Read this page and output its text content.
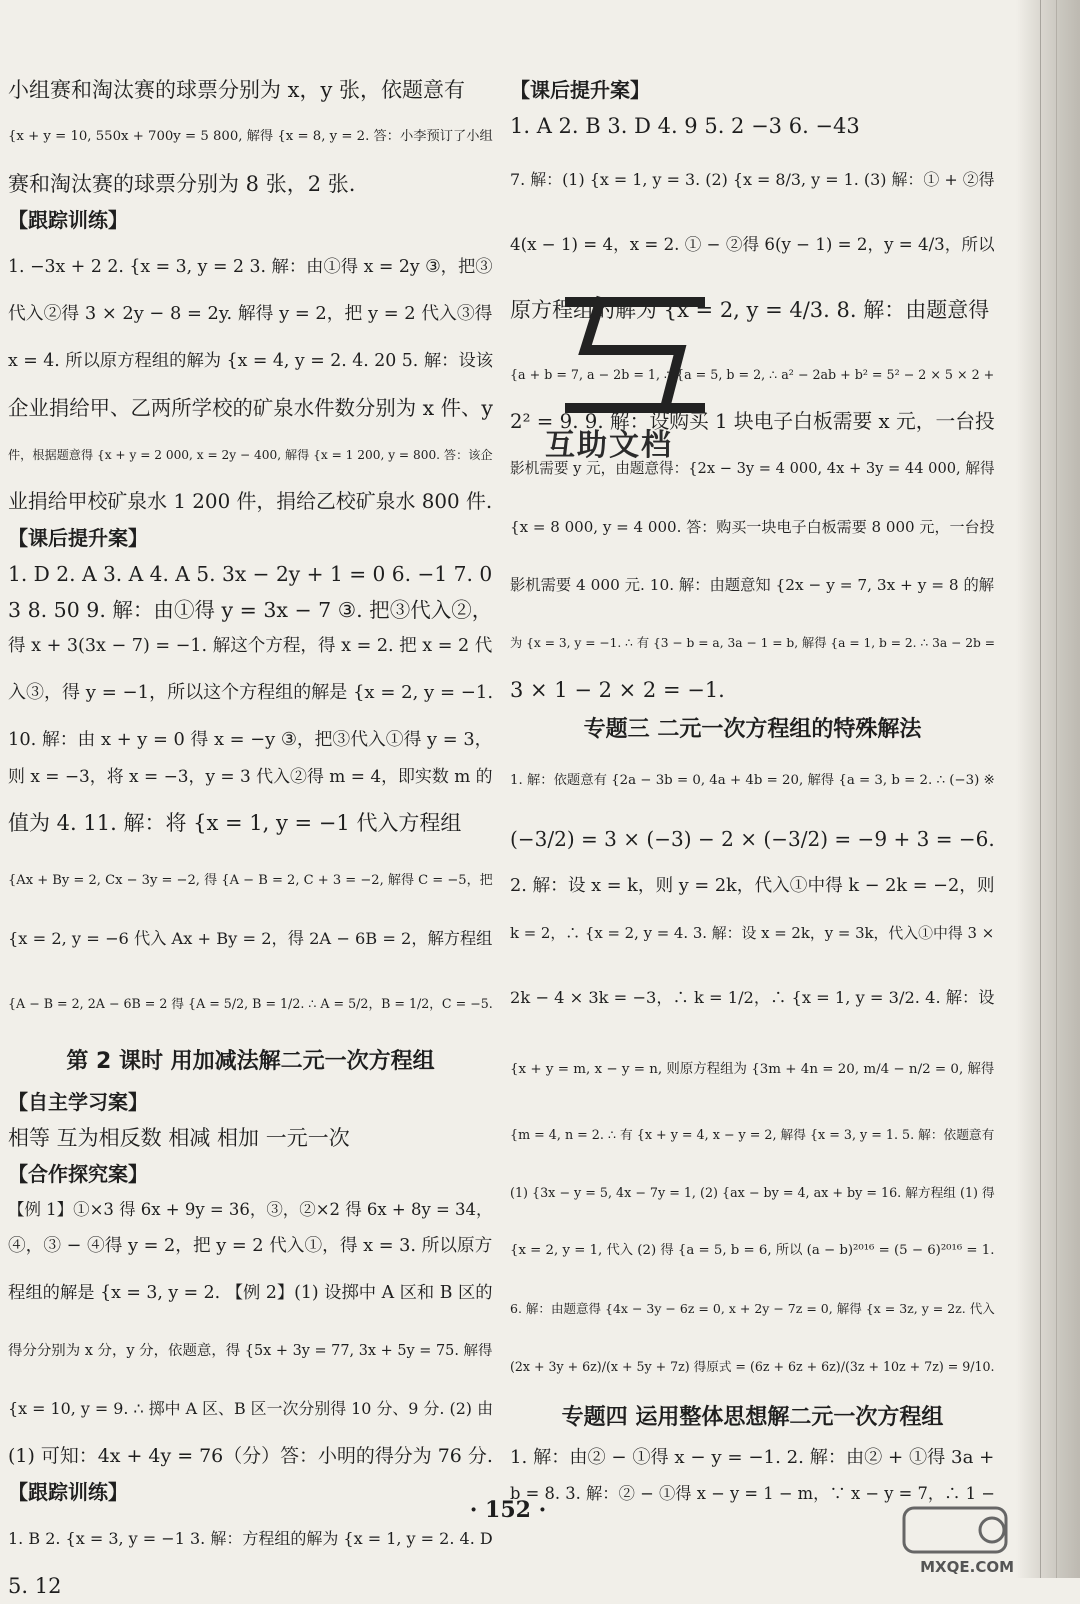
小组赛和淘汰赛的球票分别为 x，y 张，依题意有

{x + y = 10, 550x + 700y = 5 800, 解得 {x = 8, y = 2. 答：小李预订了小组

赛和淘汰赛的球票分别为 8 张，2 张.

【跟踪训练】

1. −3x + 2 2. {x = 3, y = 2 3. 解：由①得 x = 2y ③，把③

代入②得 3 × 2y − 8 = 2y. 解得 y = 2，把 y = 2 代入③得

x = 4. 所以原方程组的解为 {x = 4, y = 2. 4. 20 5. 解：设该

企业捐给甲、乙两所学校的矿泉水件数分别为 x 件、y

件，根据题意得 {x + y = 2 000, x = 2y − 400, 解得 {x = 1 200, y = 800. 答：该企

业捐给甲校矿泉水 1 200 件，捐给乙校矿泉水 800 件.

【课后提升案】

1. D 2. A 3. A 4. A 5. 3x − 2y + 1 = 0 6. −1 7. 0

3 8. 50 9. 解：由①得 y = 3x − 7 ③. 把③代入②，

得 x + 3(3x − 7) = −1. 解这个方程，得 x = 2. 把 x = 2 代

入③，得 y = −1，所以这个方程组的解是 {x = 2, y = −1.

10. 解：由 x + y = 0 得 x = −y ③，把③代入①得 y = 3，

则 x = −3，将 x = −3，y = 3 代入②得 m = 4，即实数 m 的

值为 4. 11. 解：将 {x = 1, y = −1 代入方程组

{Ax + By = 2, Cx − 3y = −2, 得 {A − B = 2, C + 3 = −2, 解得 C = −5，把

{x = 2, y = −6 代入 Ax + By = 2，得 2A − 6B = 2，解方程组

{A − B = 2, 2A − 6B = 2 得 {A = 5/2, B = 1/2. ∴ A = 5/2，B = 1/2，C = −5.

第 2 课时 用加减法解二元一次方程组

【自主学习案】

相等 互为相反数 相减 相加 一元一次

【合作探究案】

【例 1】①×3 得 6x + 9y = 36，③，②×2 得 6x + 8y = 34，

④，③ − ④得 y = 2，把 y = 2 代入①，得 x = 3. 所以原方

程组的解是 {x = 3, y = 2. 【例 2】(1) 设掷中 A 区和 B 区的

得分分别为 x 分，y 分，依题意，得 {5x + 3y = 77, 3x + 5y = 75. 解得

{x = 10, y = 9. ∴ 掷中 A 区、B 区一次分别得 10 分、9 分. (2) 由

(1) 可知：4x + 4y = 76（分）答：小明的得分为 76 分.

【跟踪训练】

1. B 2. {x = 3, y = −1 3. 解：方程组的解为 {x = 1, y = 2. 4. D

5. 12

【课后提升案】

1. A 2. B 3. D 4. 9 5. 2 −3 6. −43

7. 解：(1) {x = 1, y = 3. (2) {x = 8/3, y = 1. (3) 解：① + ②得

4(x − 1) = 4，x = 2. ① − ②得 6(y − 1) = 2，y = 4/3，所以

原方程组的解为 {x = 2, y = 4/3. 8. 解：由题意得

{a + b = 7, a − 2b = 1, ∴ {a = 5, b = 2, ∴ a² − 2ab + b² = 5² − 2 × 5 × 2 +

2² = 9. 9. 解：设购买 1 块电子白板需要 x 元，一台投

影机需要 y 元，由题意得：{2x − 3y = 4 000, 4x + 3y = 44 000, 解得

{x = 8 000, y = 4 000. 答：购买一块电子白板需要 8 000 元，一台投

影机需要 4 000 元. 10. 解：由题意知 {2x − y = 7, 3x + y = 8 的解

为 {x = 3, y = −1. ∴ 有 {3 − b = a, 3a − 1 = b, 解得 {a = 1, b = 2. ∴ 3a − 2b =

3 × 1 − 2 × 2 = −1.

专题三 二元一次方程组的特殊解法

1. 解：依题意有 {2a − 3b = 0, 4a + 4b = 20, 解得 {a = 3, b = 2. ∴ (−3) ※

(−3/2) = 3 × (−3) − 2 × (−3/2) = −9 + 3 = −6.

2. 解：设 x = k，则 y = 2k，代入①中得 k − 2k = −2，则

k = 2，∴ {x = 2, y = 4. 3. 解：设 x = 2k，y = 3k，代入①中得 3 ×

2k − 4 × 3k = −3，∴ k = 1/2，∴ {x = 1, y = 3/2. 4. 解：设

{x + y = m, x − y = n, 则原方程组为 {3m + 4n = 20, m/4 − n/2 = 0, 解得

{m = 4, n = 2. ∴ 有 {x + y = 4, x − y = 2, 解得 {x = 3, y = 1. 5. 解：依题意有

(1) {3x − y = 5, 4x − 7y = 1, (2) {ax − by = 4, ax + by = 16. 解方程组 (1) 得

{x = 2, y = 1, 代入 (2) 得 {a = 5, b = 6, 所以 (a − b)²⁰¹⁶ = (5 − 6)²⁰¹⁶ = 1.

6. 解：由题意得 {4x − 3y − 6z = 0, x + 2y − 7z = 0, 解得 {x = 3z, y = 2z. 代入

(2x + 3y + 6z)/(x + 5y + 7z) 得原式 = (6z + 6z + 6z)/(3z + 10z + 7z) = 9/10.

专题四 运用整体思想解二元一次方程组

1. 解：由② − ①得 x − y = −1. 2. 解：由② + ①得 3a +

b = 8. 3. 解：② − ①得 x − y = 1 − m，∵ x − y = 7，∴ 1 −

互助文档
MXQE.COM
· 152 ·
